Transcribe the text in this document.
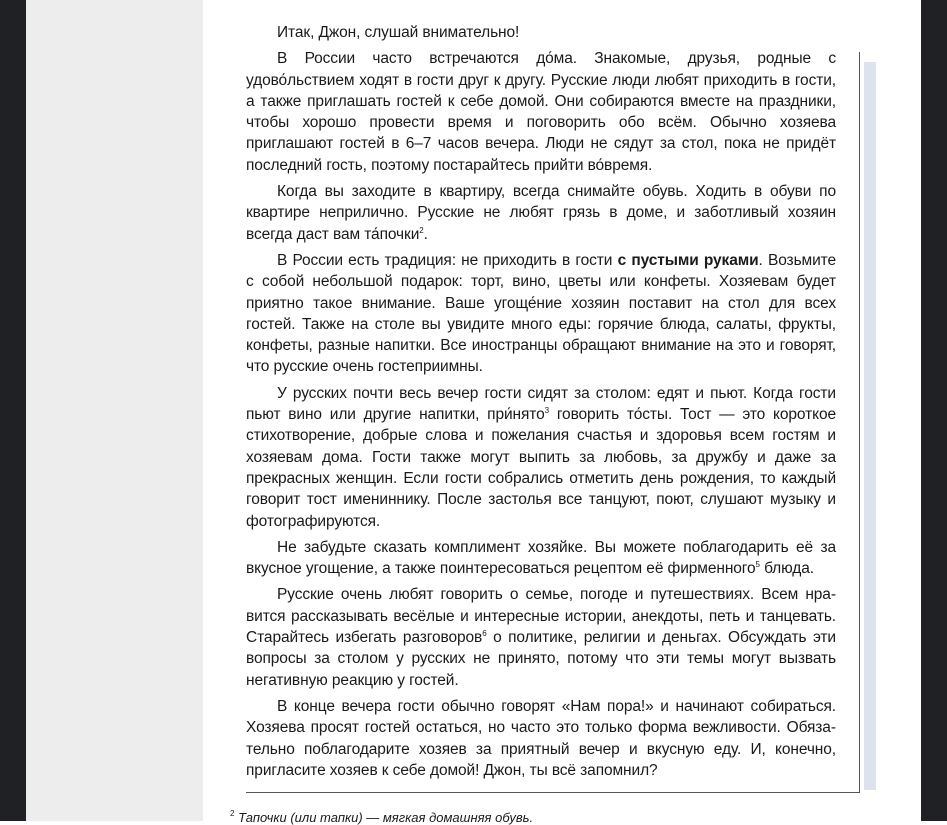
Итак, Джон, слушай внимательно!

В России часто встречаются до́ма. Знакомые, друзья, родные с удово́льствием ходят в гости друг к другу. Русские люди любят приходить в гости, а также приглашать гостей к себе домой. Они собираются вместе на праздники, чтобы хорошо провести время и поговорить обо всём. Обычно хозяева приглашают гостей в 6–7 часов вечера. Люди не сядут за стол, пока не придёт последний гость, поэтому постарайтесь прийти во́время.

Когда вы заходите в квартиру, всегда снимайте обувь. Ходить в обуви по квартире неприлично. Русские не любят грязь в доме, и заботливый хозяин всегда даст вам та́почки$^2$.

В России есть традиция: не приходить в гости с пустыми руками. Возьмите с собой небольшой подарок: торт, вино, цветы или конфеты. Хозяевам будет приятно такое внимание. Ваше угоще́ние хозяин поставит на стол для всех гостей. Также на столе вы увидите много еды: горячие блюда, салаты, фрукты, конфеты, разные напитки. Все иностранцы обращают внимание на это и говорят, что русские очень гостеприимны.

У русских почти весь вечер гости сидят за столом: едят и пьют. Когда гости пьют вино или другие напитки, при́нято$^3$ говорить то́сты. Тост — это короткое стихотворение, добрые слова и пожелания счастья и здоровья всем гостям и хозяевам дома. Гости также могут выпить за любовь, за дружбу и даже за прекрасных женщин. Если гости собрались отметить день рождения, то каждый говорит тост имениннику. После застолья все танцуют, поют, слушают музыку и фотографируются.

Не забудьте сказать комплимент хозяйке. Вы можете поблагодарить её за вкусное угощение, а также поинтересоваться рецептом её фирменного$^5$ блюда.

Русские очень любят говорить о семье, погоде и путешествиях. Всем нравится рассказывать весёлые и интересные истории, анекдоты, петь и танцевать. Старайтесь избегать разговоров$^6$ о политике, религии и деньгах. Обсуждать эти вопросы за столом у русских не принято, потому что эти темы могут вызвать негативную реакцию у гостей.

В конце вечера гости обычно говорят «Нам пора!» и начинают собираться. Хозяева просят гостей остаться, но часто это только форма вежливости. Обязательно поблагодарите хозяев за приятный вечер и вкусную еду. И, конечно, пригласите хозяев к себе домой! Джон, ты всё запомнил?

$^2$ Тапочки (или тапки) — мягкая домашняя обувь.
